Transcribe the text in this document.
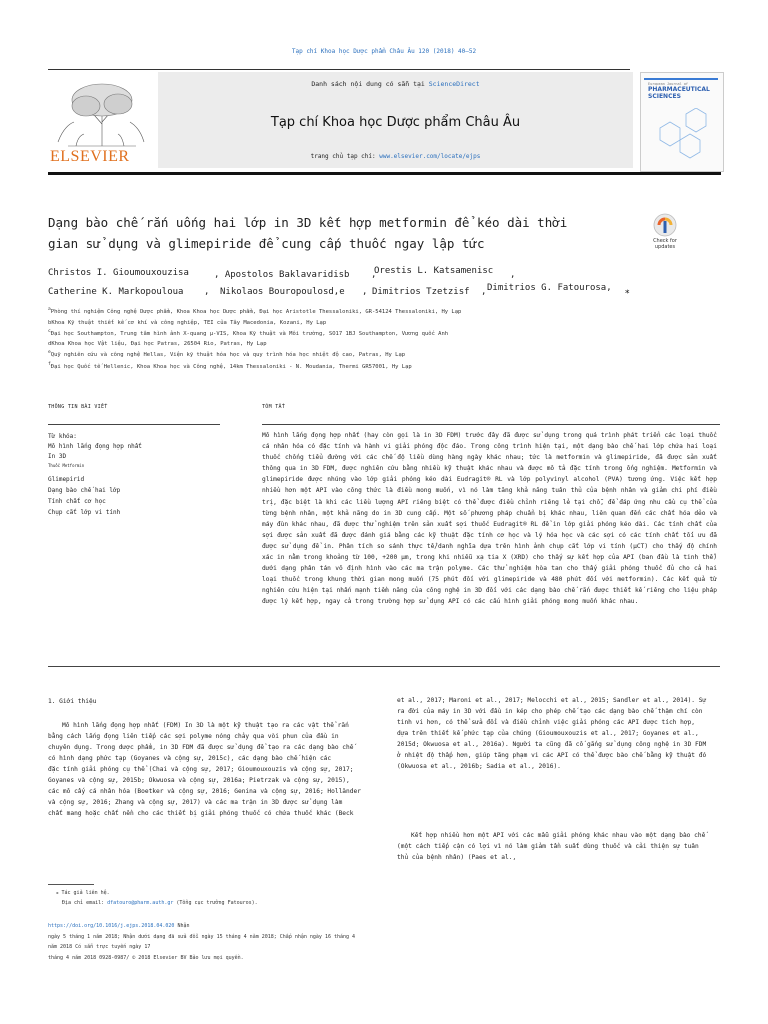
Tạp chí Khoa học Dược phẩm Châu Âu 120 (2018) 40–52
ELSEVIER
Danh sách nội dung có sẵn tại ScienceDirect
Tạp chí Khoa học Dược phẩm Châu Âu
trang chủ tạp chí: www.elsevier.com/locate/ejps
European Journal of
PHARMACEUTICAL SCIENCES
Dạng bào chế rắn uống hai lớp in 3D kết hợp metformin để kéo dài thời
gian sử dụng và glimepiride để cung cấp thuốc ngay lập tức	Check for updates
Christos I. Gioumouxouzisa	, Apostolos Baklavaridisb ,
Orestis L. Katsamenisc ,
Catherine K. Markopouloua , Nikolaos Bouropoulosd,e , Dimitrios Tzetzisf , Dimitrios G. Fatourosa, ⁎
$^a$Phòng thí nghiệm Công nghệ Dược phẩm, Khoa Khoa học Dược phẩm, Đại học Aristotle Thessaloniki, GR-54124 Thessaloniki, Hy Lạp
bKhoa Kỹ thuật thiết kế cơ khí và công nghiệp, TEI của Tây Macedonia, Kozani, Hy Lạp
$^c$Đại học Southampton, Trung tâm hình ảnh X-quang μ-VIS, Khoa Kỹ thuật và Môi trường, SO17 1BJ Southampton, Vương quốc Anh
dKhoa Khoa học Vật liệu, Đại học Patras, 26504 Rio, Patras, Hy Lạp
$^e$Quỹ nghiên cứu và công nghệ Hellas, Viện kỹ thuật hóa học và quy trình hóa học nhiệt độ cao, Patras, Hy Lạp
$^f$Đại học Quốc tế Hellenic, Khoa Khoa học và Công nghệ, 14km Thessaloniki - N. Moudania, Thermi GR57001, Hy Lạp
THÔNG TIN BÀI VIẾT	TÓM TẮT
Từ khóa:
Mô hình lắng đọng hợp nhất
In 3D
Thuốc Metformin
Glimepirid
Dạng bào chế hai lớp
Tính chất cơ học
Chụp cắt lớp vi tính
Mô hình lắng đọng hợp nhất (hay còn gọi là in 3D FDM) trước đây đã được sử dụng trong quá trình phát triển các loại thuốc cá nhân hóa có đặc tính và hành vi giải phóng độc đáo. Trong công trình hiện tại, một dạng bào chế hai lớp chứa hai loại thuốc chống tiểu đường với các chế độ liều dùng hàng ngày khác nhau; tức là metformin và glimepiride, đã được sản xuất thông qua in 3D FDM, được nghiên cứu bằng nhiều kỹ thuật khác nhau và được mô tả đặc tính trong ống nghiệm. Metformin và glimepiride được nhúng vào lớp giải phóng kéo dài Eudragit® RL và lớp polyvinyl alcohol (PVA) tương ứng. Việc kết hợp nhiều hơn một API vào công thức là điều mong muốn, vì nó làm tăng khả năng tuân thủ của bệnh nhân và giảm chi phí điều trị, đặc biệt là khi các liều lượng API riêng biệt có thể được điều chỉnh riêng lẻ tại chỗ, để đáp ứng nhu cầu cụ thể của từng bệnh nhân, một khả năng do in 3D cung cấp. Một số phương pháp chuẩn bị khác nhau, liên quan đến các chất hóa dẻo và máy đùn khác nhau, đã được thử nghiệm trên sản xuất sợi thuốc Eudragit® RL để in lớp giải phóng kéo dài. Các tính chất của sợi được sản xuất đã được đánh giá bằng các kỹ thuật đặc tính cơ học và lý hóa học và các sợi có các tính chất tối ưu đã được sử dụng để in. Phân tích so sánh thực tế/danh nghĩa dựa trên hình ảnh chụp cắt lớp vi tính (μCT) cho thấy độ chính xác in nằm trong khoảng từ 100, +200 μm, trong khi nhiễu xạ tia X (XRD) cho thấy sự kết hợp của API (ban đầu là tinh thể) dưới dạng phân tán vô định hình vào các ma trận polyme. Các thử nghiệm hòa tan cho thấy giải phóng thuốc đủ cho cả hai loại thuốc trong khung thời gian mong muốn (75 phút đối với glimepiride và 480 phút đối với metformin). Các kết quả từ nghiên cứu hiện tại nhấn mạnh tiềm năng của công nghệ in 3D đối với các dạng bào chế rắn được thiết kế riêng cho liệu pháp được lý kết hợp, ngay cả trong trường hợp sử dụng API có các cấu hình giải phóng mong muốn khác nhau.
1. Giới thiệu
Mô hình lắng đọng hợp nhất (FDM) In 3D là một kỹ thuật tạo ra các vật thể rắn
bằng cách lắng đọng liên tiếp các sợi polyme nóng chảy qua vòi phun của đầu in
chuyên dụng. Trong dược phẩm, in 3D FDM đã được sử dụng để tạo ra các dạng bào chế
có hình dạng phức tạp (Goyanes và cộng sự, 2015c), các dạng bào chế hiện các
đặc tính giải phóng cụ thể (Chai và cộng sự, 2017; Gioumouxouzis và cộng sự, 2017;
Goyanes và cộng sự, 2015b; Okwuosa và cộng sự, 2016a; Pietrzak và cộng sự, 2015),
các mô cấy cá nhân hóa (Boetker và cộng sự, 2016; Genina và cộng sự, 2016; Holländer
và cộng sự, 2016; Zhang và cộng sự, 2017) và các ma trận in 3D được sử dụng làm
chất mang hoặc chất nền cho các thiết bị giải phóng thuốc có chứa thuốc khác (Beck
et al., 2017; Maroni et al., 2017; Melocchi et al., 2015; Sandler et al., 2014). Sự
ra đời của máy in 3D với đầu in kép cho phép chế tạo các dạng bào chế thậm chí còn
tinh vi hơn, có thể sửa đổi và điều chỉnh việc giải phóng các API được tích hợp,
dựa trên thiết kế phức tạp của chúng (Gioumouxouzis et al., 2017; Goyanes et al.,
2015d; Okwuosa et al., 2016a). Người ta cũng đã cố gắng sử dụng công nghệ in 3D FDM
ở nhiệt độ thấp hơn, giúp tăng phạm vi các API có thể được bào chế bằng kỹ thuật đó
(Okwuosa et al., 2016b; Sadia et al., 2016).
Kết hợp nhiều hơn một API với các mẫu giải phóng khác nhau vào một dạng bào chế
(một cách tiếp cận có lợi vì nó làm giảm tần suất dùng thuốc và cải thiện sự tuân
thủ của bệnh nhân) (Paes et al.,
⁎ Tác giả liên hệ.
Địa chỉ email: dfatouro@pharm.auth.gr (Tổng cục trưởng Fatouros).
https://doi.org/10.1016/j.ejps.2018.04.020 Nhận
ngày 5 tháng 1 năm 2018; Nhận dưới dạng đã sửa đổi ngày 15 tháng 4 năm 2018; Chấp nhận ngày 16 tháng 4
năm 2018 Có sẵn trực tuyến ngày 17
tháng 4 năm 2018 0928-0987/ © 2018 Elsevier BV Bảo lưu mọi quyền.
